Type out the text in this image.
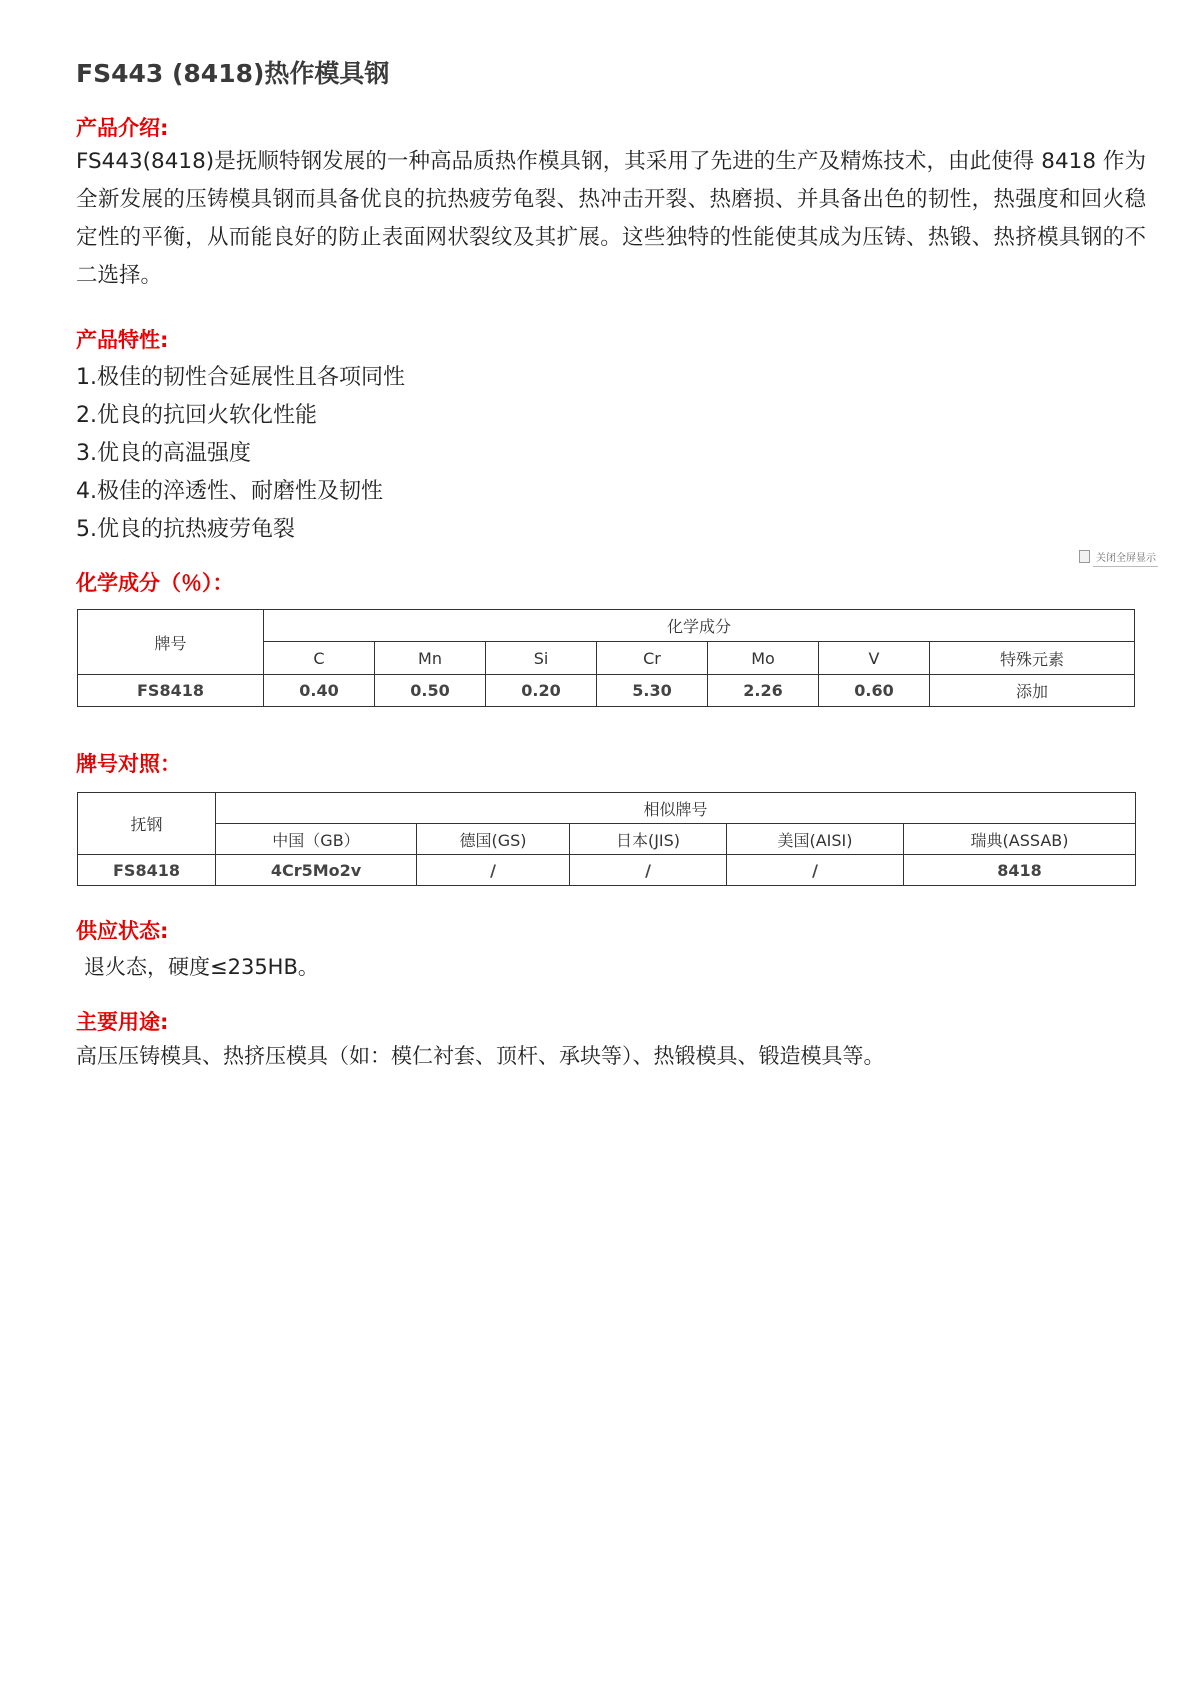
FS443 (8418)热作模具钢
产品介绍:
FS443(8418)是抚顺特钢发展的一种高品质热作模具钢，其采用了先进的生产及精炼技术，由此使得 8418 作为全新发展的压铸模具钢而具备优良的抗热疲劳龟裂、热冲击开裂、热磨损、并具备出色的韧性，热强度和回火稳定性的平衡，从而能良好的防止表面网状裂纹及其扩展。这些独特的性能使其成为压铸、热锻、热挤模具钢的不二选择。
产品特性:
1.极佳的韧性合延展性且各项同性
2.优良的抗回火软化性能
3.优良的高温强度
4.极佳的淬透性、耐磨性及韧性
5.优良的抗热疲劳龟裂
关闭全屏显示
化学成分（％）：
牌号	化学成分						
	C	Mn	Si	Cr	Mo	V	特殊元素
FS8418	0.40	0.50	0.20	5.30	2.26	0.60	添加
牌号对照：
抚钢	相似牌号				
	中国（GB）	德国(GS)	日本(JIS)	美国(AISI)	瑞典(ASSAB)
FS8418	4Cr5Mo2v	/	/	/	8418
供应状态:
退火态，硬度≤235HB。
主要用途:
高压压铸模具、热挤压模具（如：模仁衬套、顶杆、承块等）、热锻模具、锻造模具等。
